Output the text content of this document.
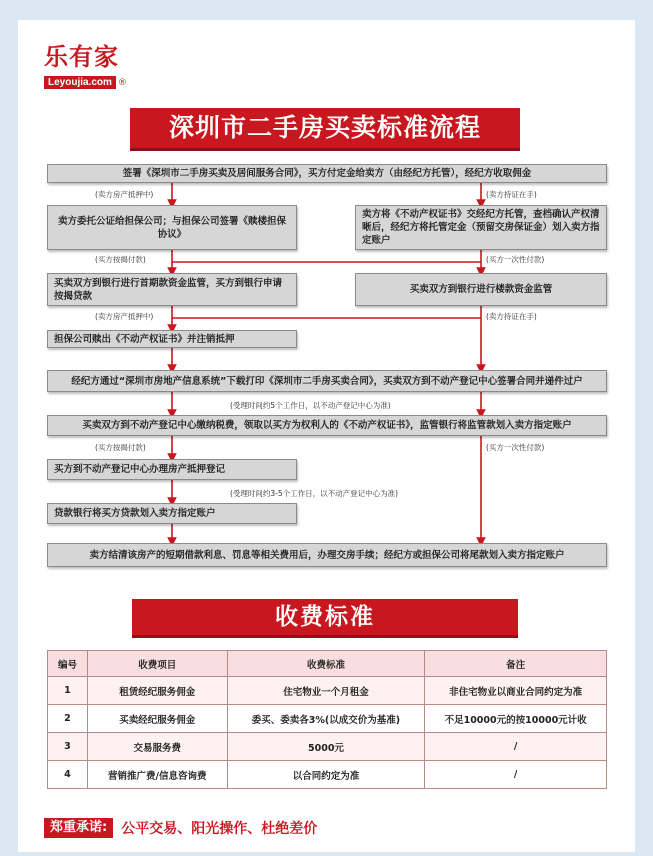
乐有家
Leyoujia.com ®
深圳市二手房买卖标准流程
签署《深圳市二手房买卖及居间服务合同》，买方付定金给卖方（由经纪方托管），经纪方收取佣金
(卖方房产抵押中)	(卖方持证在手)
卖方委托公证给担保公司；与担保公司签署《赎楼担保协议》
卖方将《不动产权证书》交经纪方托管，查档确认产权清晰后，经纪方将托管定金（预留交房保证金）划入卖方指定账户
(买方按揭付款)	(买方一次性付款)
买卖双方到银行进行首期款资金监管，买方到银行申请按揭贷款
买卖双方到银行进行楼款资金监管
(卖方房产抵押中)	(卖方持证在手)
担保公司赎出《不动产权证书》并注销抵押
经纪方通过“深圳市房地产信息系统”下载打印《深圳市二手房买卖合同》，买卖双方到不动产登记中心签署合同并递件过户
(受理时间约5个工作日，以不动产登记中心为准)
买卖双方到不动产登记中心缴纳税费，领取以买方为权利人的《不动产权证书》，监管银行将监管款划入卖方指定账户
(买方按揭付款)	(买方一次性付款)
买方到不动产登记中心办理房产抵押登记
(受理时间约3-5个工作日，以不动产登记中心为准)
贷款银行将买方贷款划入卖方指定账户
卖方结清该房产的短期借款利息、罚息等相关费用后，办理交房手续；经纪方或担保公司将尾款划入卖方指定账户
收费标准
编号	收费项目	收费标准	备注
1	租赁经纪服务佣金	住宅物业一个月租金	非住宅物业以商业合同约定为准
2	买卖经纪服务佣金	委买、委卖各3%(以成交价为基准)	不足10000元的按10000元计收
3	交易服务费	5000元	/
4	营销推广费/信息咨询费	以合同约定为准	/
郑重承诺:	公平交易、阳光操作、杜绝差价
